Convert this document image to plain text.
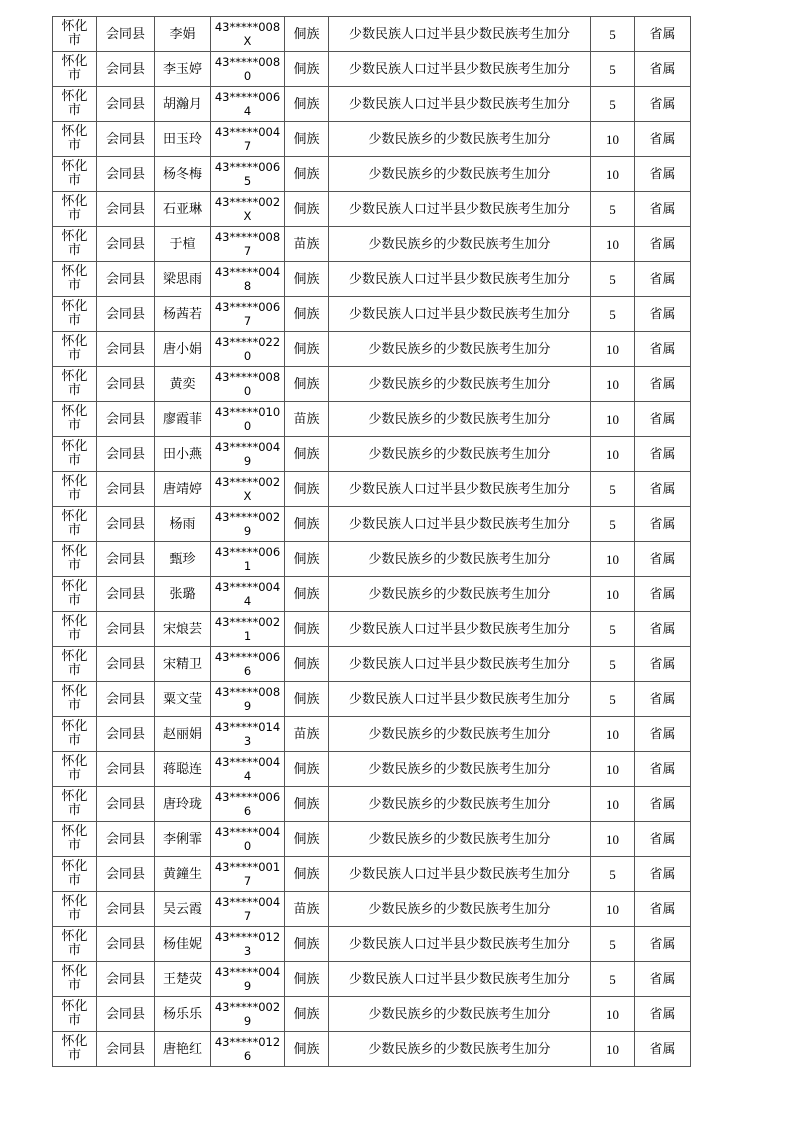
怀化市	会同县	李娟	43*****008X	侗族	少数民族人口过半县少数民族考生加分	5	省属
怀化市	会同县	李玉婷	43*****0080	侗族	少数民族人口过半县少数民族考生加分	5	省属
怀化市	会同县	胡瀚月	43*****0064	侗族	少数民族人口过半县少数民族考生加分	5	省属
怀化市	会同县	田玉玲	43*****0047	侗族	少数民族乡的少数民族考生加分	10	省属
怀化市	会同县	杨冬梅	43*****0065	侗族	少数民族乡的少数民族考生加分	10	省属
怀化市	会同县	石亚琳	43*****002X	侗族	少数民族人口过半县少数民族考生加分	5	省属
怀化市	会同县	于楦	43*****0087	苗族	少数民族乡的少数民族考生加分	10	省属
怀化市	会同县	梁思雨	43*****0048	侗族	少数民族人口过半县少数民族考生加分	5	省属
怀化市	会同县	杨茜若	43*****0067	侗族	少数民族人口过半县少数民族考生加分	5	省属
怀化市	会同县	唐小娟	43*****0220	侗族	少数民族乡的少数民族考生加分	10	省属
怀化市	会同县	黄奕	43*****0080	侗族	少数民族乡的少数民族考生加分	10	省属
怀化市	会同县	廖霞菲	43*****0100	苗族	少数民族乡的少数民族考生加分	10	省属
怀化市	会同县	田小燕	43*****0049	侗族	少数民族乡的少数民族考生加分	10	省属
怀化市	会同县	唐靖婷	43*****002X	侗族	少数民族人口过半县少数民族考生加分	5	省属
怀化市	会同县	杨雨	43*****0029	侗族	少数民族人口过半县少数民族考生加分	5	省属
怀化市	会同县	甄珍	43*****0061	侗族	少数民族乡的少数民族考生加分	10	省属
怀化市	会同县	张璐	43*****0044	侗族	少数民族乡的少数民族考生加分	10	省属
怀化市	会同县	宋烺芸	43*****0021	侗族	少数民族人口过半县少数民族考生加分	5	省属
怀化市	会同县	宋精卫	43*****0066	侗族	少数民族人口过半县少数民族考生加分	5	省属
怀化市	会同县	粟文莹	43*****0089	侗族	少数民族人口过半县少数民族考生加分	5	省属
怀化市	会同县	赵丽娟	43*****0143	苗族	少数民族乡的少数民族考生加分	10	省属
怀化市	会同县	蒋聪连	43*****0044	侗族	少数民族乡的少数民族考生加分	10	省属
怀化市	会同县	唐玲珑	43*****0066	侗族	少数民族乡的少数民族考生加分	10	省属
怀化市	会同县	李俐霏	43*****0040	侗族	少数民族乡的少数民族考生加分	10	省属
怀化市	会同县	黄鐘生	43*****0017	侗族	少数民族人口过半县少数民族考生加分	5	省属
怀化市	会同县	吴云霞	43*****0047	苗族	少数民族乡的少数民族考生加分	10	省属
怀化市	会同县	杨佳妮	43*****0123	侗族	少数民族人口过半县少数民族考生加分	5	省属
怀化市	会同县	王楚荧	43*****0049	侗族	少数民族人口过半县少数民族考生加分	5	省属
怀化市	会同县	杨乐乐	43*****0029	侗族	少数民族乡的少数民族考生加分	10	省属
怀化市	会同县	唐艳红	43*****0126	侗族	少数民族乡的少数民族考生加分	10	省属
